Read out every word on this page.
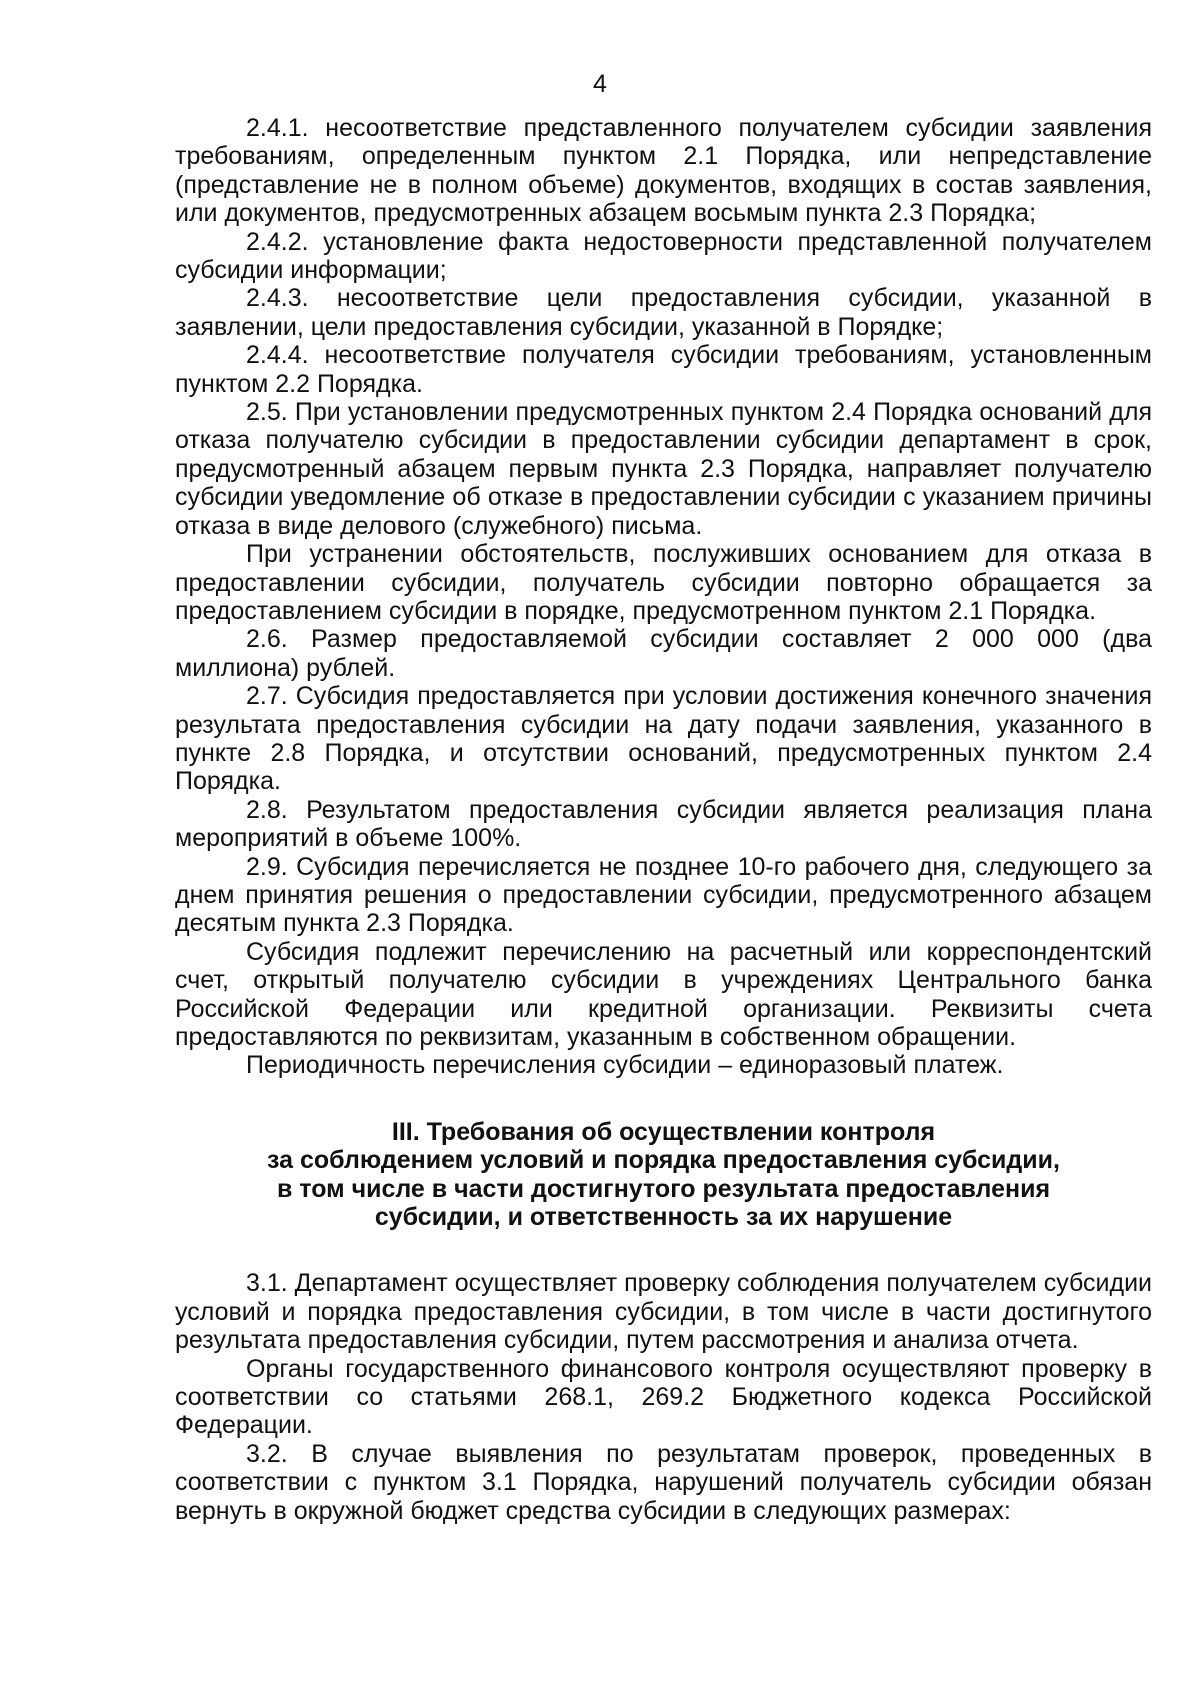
4

2.4.1. несоответствие представленного получателем субсидии заявления требованиям, определенным пунктом 2.1 Порядка, или непредставление (представление не в полном объеме) документов, входящих в состав заявления, или документов, предусмотренных абзацем восьмым пункта 2.3 Порядка;

2.4.2. установление факта недостоверности представленной получателем субсидии информации;

2.4.3. несоответствие цели предоставления субсидии, указанной в заявлении, цели предоставления субсидии, указанной в Порядке;

2.4.4. несоответствие получателя субсидии требованиям, установленным пунктом 2.2 Порядка.

2.5. При установлении предусмотренных пунктом 2.4 Порядка оснований для отказа получателю субсидии в предоставлении субсидии департамент в срок, предусмотренный абзацем первым пункта 2.3 Порядка, направляет получателю субсидии уведомление об отказе в предоставлении субсидии с указанием причины отказа в виде делового (служебного) письма.

При устранении обстоятельств, послуживших основанием для отказа в предоставлении субсидии, получатель субсидии повторно обращается за предоставлением субсидии в порядке, предусмотренном пунктом 2.1 Порядка.

2.6. Размер предоставляемой субсидии составляет 2 000 000 (два миллиона) рублей.

2.7. Субсидия предоставляется при условии достижения конечного значения результата предоставления субсидии на дату подачи заявления, указанного в пункте 2.8 Порядка, и отсутствии оснований, предусмотренных пунктом 2.4 Порядка.

2.8. Результатом предоставления субсидии является реализация плана мероприятий в объеме 100%.

2.9. Субсидия перечисляется не позднее 10-го рабочего дня, следующего за днем принятия решения о предоставлении субсидии, предусмотренного абзацем десятым пункта 2.3 Порядка.

Субсидия подлежит перечислению на расчетный или корреспондентский счет, открытый получателю субсидии в учреждениях Центрального банка Российской Федерации или кредитной организации. Реквизиты счета предоставляются по реквизитам, указанным в собственном обращении.

Периодичность перечисления субсидии – единоразовый платеж.

III. Требования об осуществлении контроля
за соблюдением условий и порядка предоставления субсидии,
в том числе в части достигнутого результата предоставления
субсидии, и ответственность за их нарушение

3.1. Департамент осуществляет проверку соблюдения получателем субсидии условий и порядка предоставления субсидии, в том числе в части достигнутого результата предоставления субсидии, путем рассмотрения и анализа отчета.

Органы государственного финансового контроля осуществляют проверку в соответствии со статьями 268.1, 269.2 Бюджетного кодекса Российской Федерации.

3.2. В случае выявления по результатам проверок, проведенных в соответствии с пунктом 3.1 Порядка, нарушений получатель субсидии обязан вернуть в окружной бюджет средства субсидии в следующих размерах:
